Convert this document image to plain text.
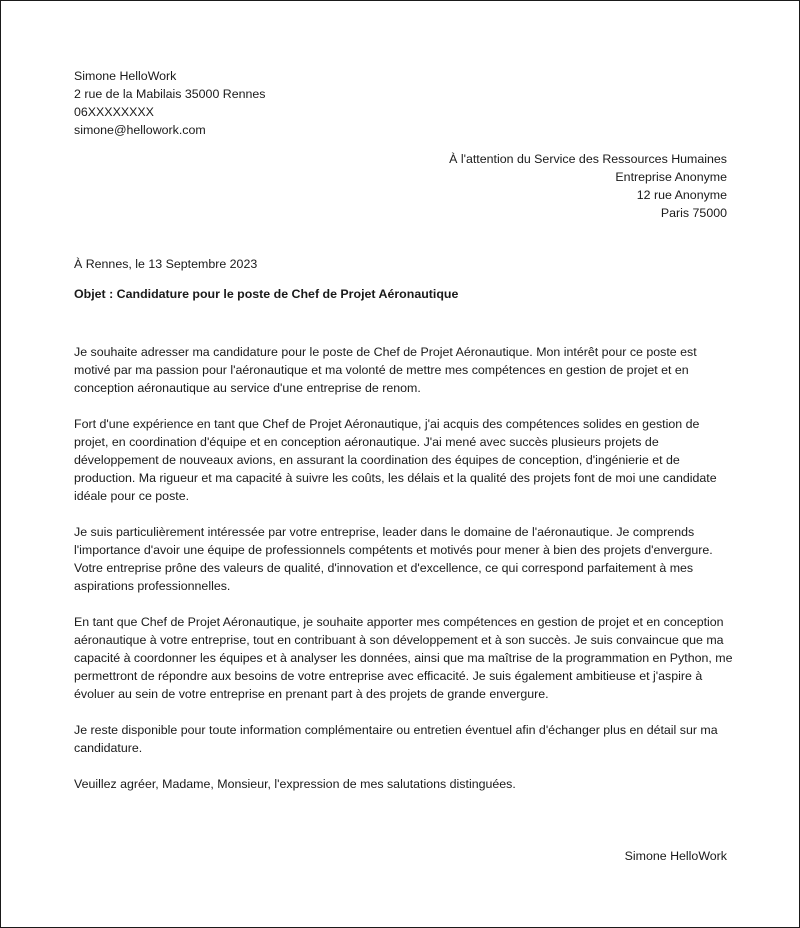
Simone HelloWork
2 rue de la Mabilais 35000 Rennes
06XXXXXXXX
simone@hellowork.com
À l'attention du Service des Ressources Humaines
Entreprise Anonyme
12 rue Anonyme
Paris 75000
À Rennes, le 13 Septembre 2023
Objet : Candidature pour le poste de Chef de Projet Aéronautique

Je souhaite adresser ma candidature pour le poste de Chef de Projet Aéronautique. Mon intérêt pour ce poste est motivé par ma passion pour l'aéronautique et ma volonté de mettre mes compétences en gestion de projet et en conception aéronautique au service d'une entreprise de renom.

Fort d'une expérience en tant que Chef de Projet Aéronautique, j'ai acquis des compétences solides en gestion de projet, en coordination d'équipe et en conception aéronautique. J'ai mené avec succès plusieurs projets de développement de nouveaux avions, en assurant la coordination des équipes de conception, d'ingénierie et de production. Ma rigueur et ma capacité à suivre les coûts, les délais et la qualité des projets font de moi une candidate idéale pour ce poste.

Je suis particulièrement intéressée par votre entreprise, leader dans le domaine de l'aéronautique. Je comprends l'importance d'avoir une équipe de professionnels compétents et motivés pour mener à bien des projets d'envergure. Votre entreprise prône des valeurs de qualité, d'innovation et d'excellence, ce qui correspond parfaitement à mes aspirations professionnelles.

En tant que Chef de Projet Aéronautique, je souhaite apporter mes compétences en gestion de projet et en conception aéronautique à votre entreprise, tout en contribuant à son développement et à son succès. Je suis convaincue que ma capacité à coordonner les équipes et à analyser les données, ainsi que ma maîtrise de la programmation en Python, me permettront de répondre aux besoins de votre entreprise avec efficacité. Je suis également ambitieuse et j'aspire à évoluer au sein de votre entreprise en prenant part à des projets de grande envergure.

Je reste disponible pour toute information complémentaire ou entretien éventuel afin d'échanger plus en détail sur ma candidature.

Veuillez agréer, Madame, Monsieur, l'expression de mes salutations distinguées.

Simone HelloWork
